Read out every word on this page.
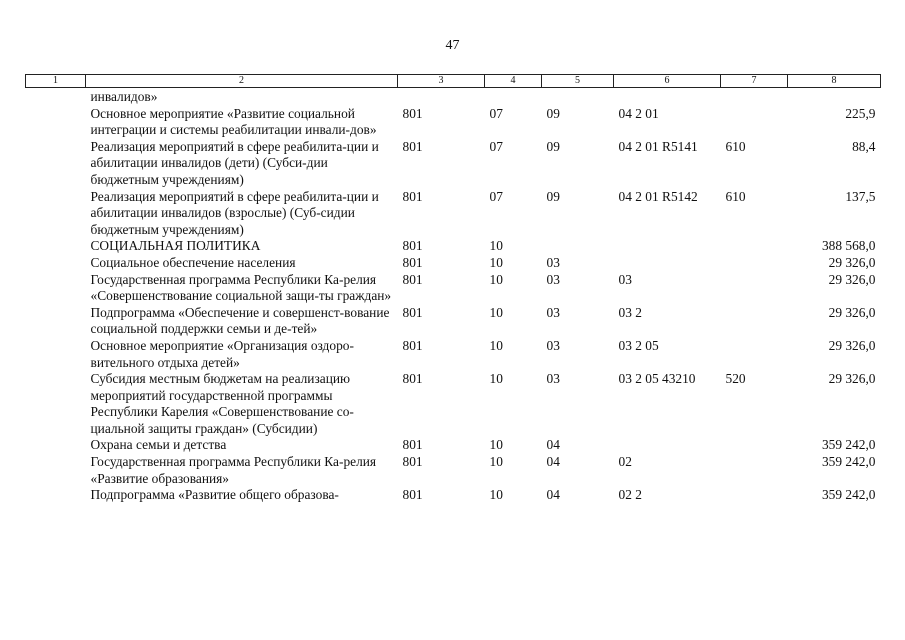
47
1	2	3	4	5	6	7	8
	инвалидов»						
	Основное мероприятие «Развитие социальной интеграции и системы реабилитации инвали-дов»	801	07	09	04 2 01		225,9
	Реализация мероприятий в сфере реабилита-ции и абилитации инвалидов (дети) (Субси-дии бюджетным учреждениям)	801	07	09	04 2 01 R5141	610	88,4
	Реализация мероприятий в сфере реабилита-ции и абилитации инвалидов (взрослые) (Суб-сидии бюджетным учреждениям)	801	07	09	04 2 01 R5142	610	137,5
	СОЦИАЛЬНАЯ ПОЛИТИКА	801	10				388 568,0
	Социальное обеспечение населения	801	10	03			29 326,0
	Государственная программа Республики Ка-релия «Совершенствование социальной защи-ты граждан»	801	10	03	03		29 326,0
	Подпрограмма «Обеспечение и совершенст-вование социальной поддержки семьи и де-тей»	801	10	03	03 2		29 326,0
	Основное мероприятие «Организация оздоро-вительного отдыха детей»	801	10	03	03 2 05		29 326,0
	Субсидия местным бюджетам на реализацию мероприятий государственной программы Республики Карелия «Совершенствование со-циальной защиты граждан» (Субсидии)	801	10	03	03 2 05 43210	520	29 326,0
	Охрана семьи и детства	801	10	04			359 242,0
	Государственная программа Республики Ка-релия «Развитие образования»	801	10	04	02		359 242,0
	Подпрограмма «Развитие общего образова-	801	10	04	02 2		359 242,0
